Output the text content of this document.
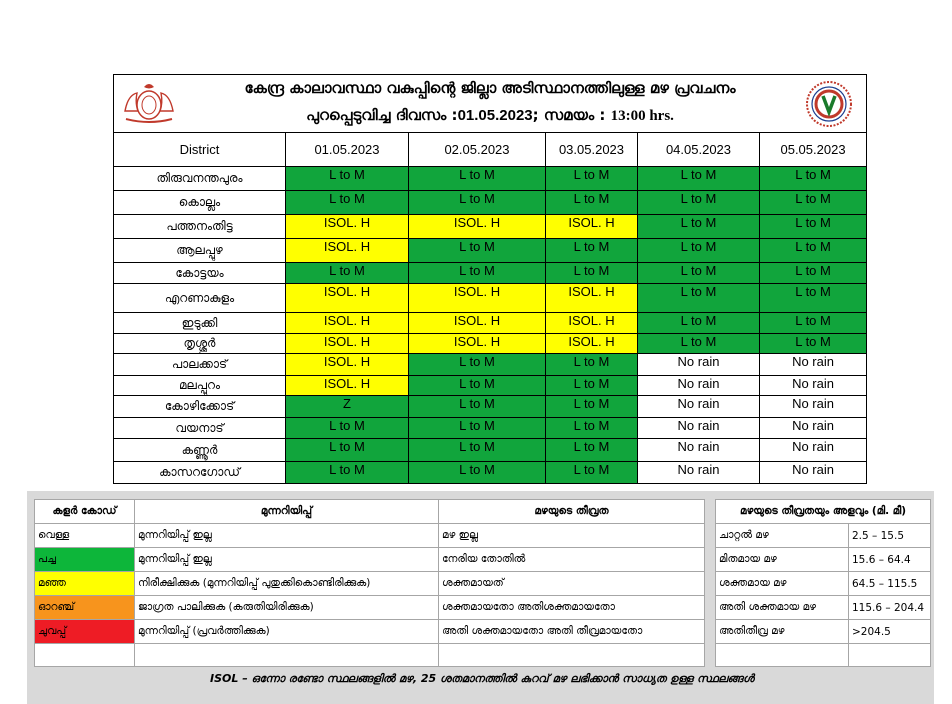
കേന്ദ്ര കാലാവസ്ഥാ വകുപ്പിന്റെ ജില്ലാ അടിസ്ഥാനത്തിലുള്ള മഴ പ്രവചനം
പുറപ്പെടുവിച്ച ദിവസം :01.05.2023; സമയം : 13:00 hrs.					

District	01.05.2023	02.05.2023	03.05.2023	04.05.2023	05.05.2023
തിരുവനന്തപുരം	L to M	L to M	L to M	L to M	L to M
കൊല്ലം	L to M	L to M	L to M	L to M	L to M
പത്തനംതിട്ട	ISOL. H	ISOL. H	ISOL. H	L to M	L to M
ആലപ്പുഴ	ISOL. H	L to M	L to M	L to M	L to M
കോട്ടയം	L to M	L to M	L to M	L to M	L to M
എറണാകുളം	ISOL. H	ISOL. H	ISOL. H	L to M	L to M
ഇടുക്കി	ISOL. H	ISOL. H	ISOL. H	L to M	L to M
തൃശ്ശൂർ	ISOL. H	ISOL. H	ISOL. H	L to M	L to M
പാലക്കാട്	ISOL. H	L to M	L to M	No rain	No rain
മലപ്പുറം	ISOL. H	L to M	L to M	No rain	No rain
കോഴിക്കോട്	Z	L to M	L to M	No rain	No rain
വയനാട്	L to M	L to M	L to M	No rain	No rain
കണ്ണൂർ	L to M	L to M	L to M	No rain	No rain
കാസറഗോഡ്	L to M	L to M	L to M	No rain	No rain
കളർ കോഡ്	മുന്നറിയിപ്പ്	മഴയുടെ തീവ്രത
വെള്ള	മുന്നറിയിപ്പ് ഇല്ല	മഴ ഇല്ല
പച്ച	മുന്നറിയിപ്പ് ഇല്ല	നേരിയ തോതിൽ
മഞ്ഞ	നിരീക്ഷിക്കുക (മുന്നറിയിപ്പ് പുതുക്കികൊണ്ടിരിക്കുക)	ശക്തമായത്
ഓറഞ്ച്	ജാഗ്രത പാലിക്കുക (കരുതിയിരിക്കുക)	ശക്തമായതോ അതിശക്തമായതോ
ചുവപ്പ്	മുന്നറിയിപ്പ് (പ്രവർത്തിക്കുക)	അതി ശക്തമായതോ അതി തീവ്രമായതോ

മഴയുടെ തീവ്രതയും അളവും (മി. മീ)	
ചാറ്റൽ മഴ	2.5 – 15.5
മിതമായ മഴ	15.6 – 64.4
ശക്തമായ മഴ	64.5 – 115.5
അതി ശക്തമായ മഴ	115.6 – 204.4
അതിതീവ്ര മഴ	>204.5

ISOL – ഒന്നോ രണ്ടോ സ്ഥലങ്ങളിൽ മഴ, 25 ശതമാനത്തിൽ കുറവ് മഴ ലഭിക്കാൻ സാധ്യത ഉള്ള സ്ഥലങ്ങൾ
